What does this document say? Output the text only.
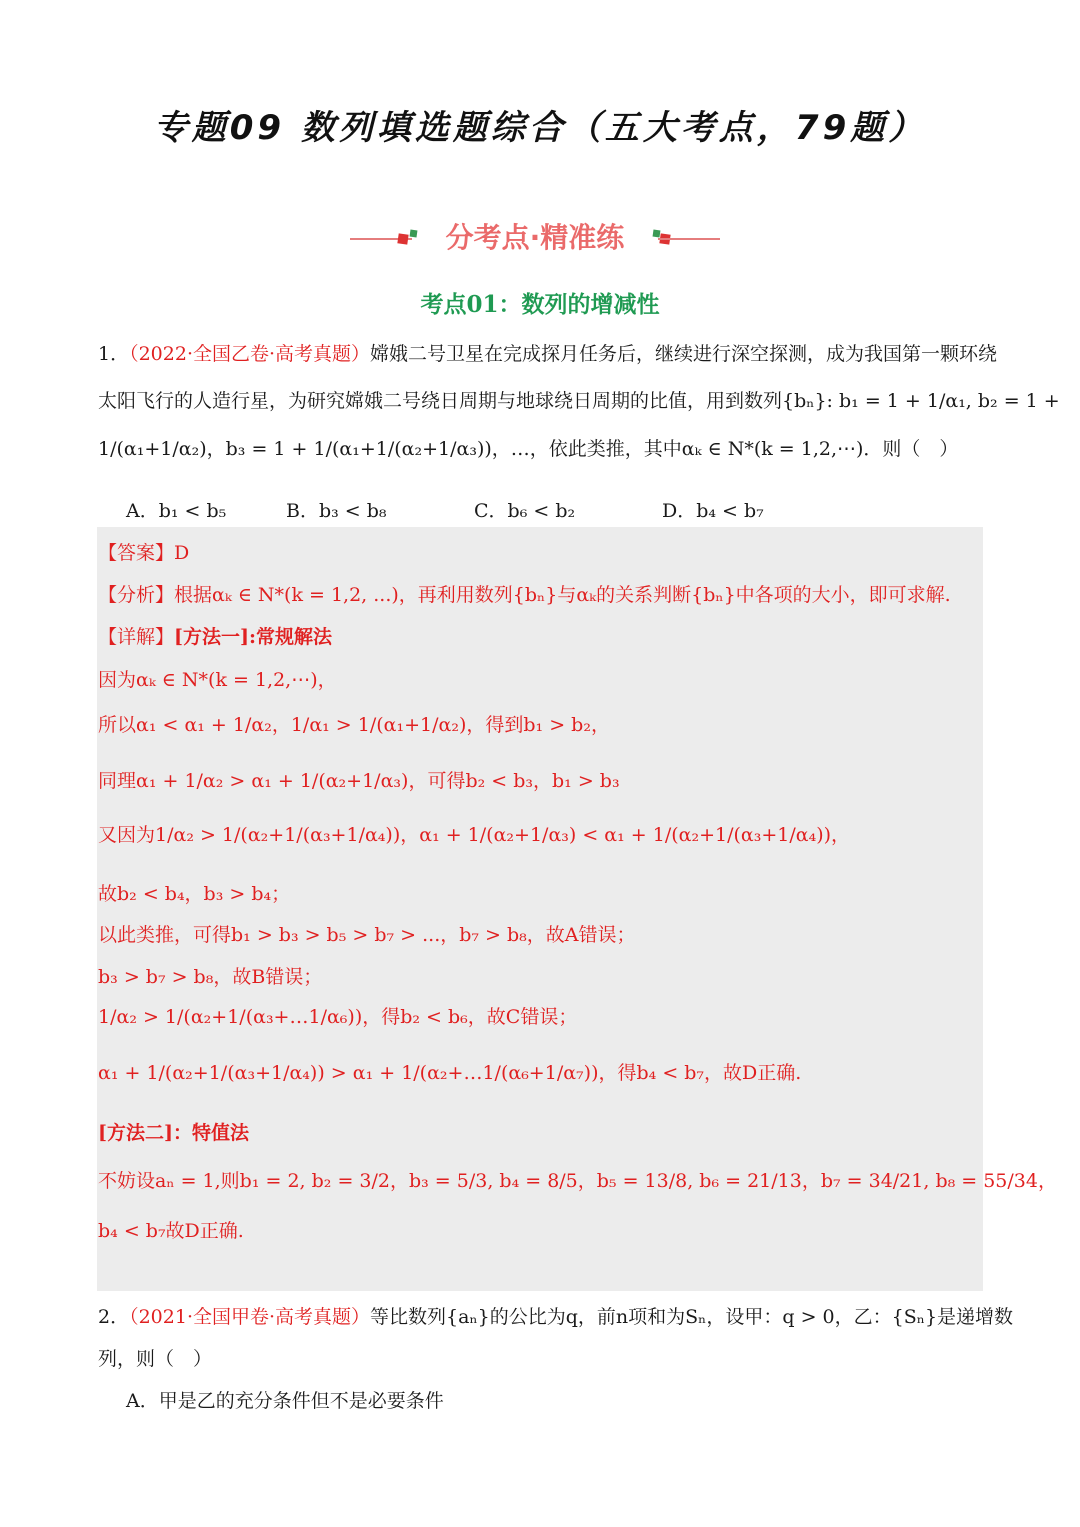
专题09 数列填选题综合（五大考点，79题）
分考点·精准练
考点01：数列的增减性
1．（2022·全国乙卷·高考真题）嫦娥二号卫星在完成探月任务后，继续进行深空探测，成为我国第一颗环绕
太阳飞行的人造行星，为研究嫦娥二号绕日周期与地球绕日周期的比值，用到数列{bₙ}: b₁ = 1 + 1/α₁, b₂ = 1 +
1/(α₁+1/α₂)，b₃ = 1 + 1/(α₁+1/(α₂+1/α₃))，…，依此类推，其中αₖ ∈ N*(k = 1,2,⋯)．则（　）
A．b₁ < b₅	B．b₃ < b₈	C．b₆ < b₂	D．b₄ < b₇
【答案】D
【分析】根据αₖ ∈ N*(k = 1,2, ...)，再利用数列{bₙ}与αₖ的关系判断{bₙ}中各项的大小，即可求解.
【详解】[方法一]:常规解法
因为αₖ ∈ N*(k = 1,2,⋯)，
所以α₁ < α₁ + 1/α₂，1/α₁ > 1/(α₁+1/α₂)，得到b₁ > b₂，
同理α₁ + 1/α₂ > α₁ + 1/(α₂+1/α₃)，可得b₂ < b₃，b₁ > b₃
又因为1/α₂ > 1/(α₂+1/(α₃+1/α₄))，α₁ + 1/(α₂+1/α₃) < α₁ + 1/(α₂+1/(α₃+1/α₄))，
故b₂ < b₄，b₃ > b₄；
以此类推，可得b₁ > b₃ > b₅ > b₇ > ...，b₇ > b₈，故A错误；
b₃ > b₇ > b₈，故B错误；
1/α₂ > 1/(α₂+1/(α₃+…1/α₆))，得b₂ < b₆，故C错误；
α₁ + 1/(α₂+1/(α₃+1/α₄)) > α₁ + 1/(α₂+…1/(α₆+1/α₇))，得b₄ < b₇，故D正确.
[方法二]：特值法
不妨设aₙ = 1,则b₁ = 2, b₂ = 3/2，b₃ = 5/3, b₄ = 8/5，b₅ = 13/8, b₆ = 21/13，b₇ = 34/21, b₈ = 55/34，
b₄ < b₇故D正确.
2．（2021·全国甲卷·高考真题）等比数列{aₙ}的公比为q，前n项和为Sₙ，设甲：q > 0，乙：{Sₙ}是递增数
列，则（　）
A．甲是乙的充分条件但不是必要条件
